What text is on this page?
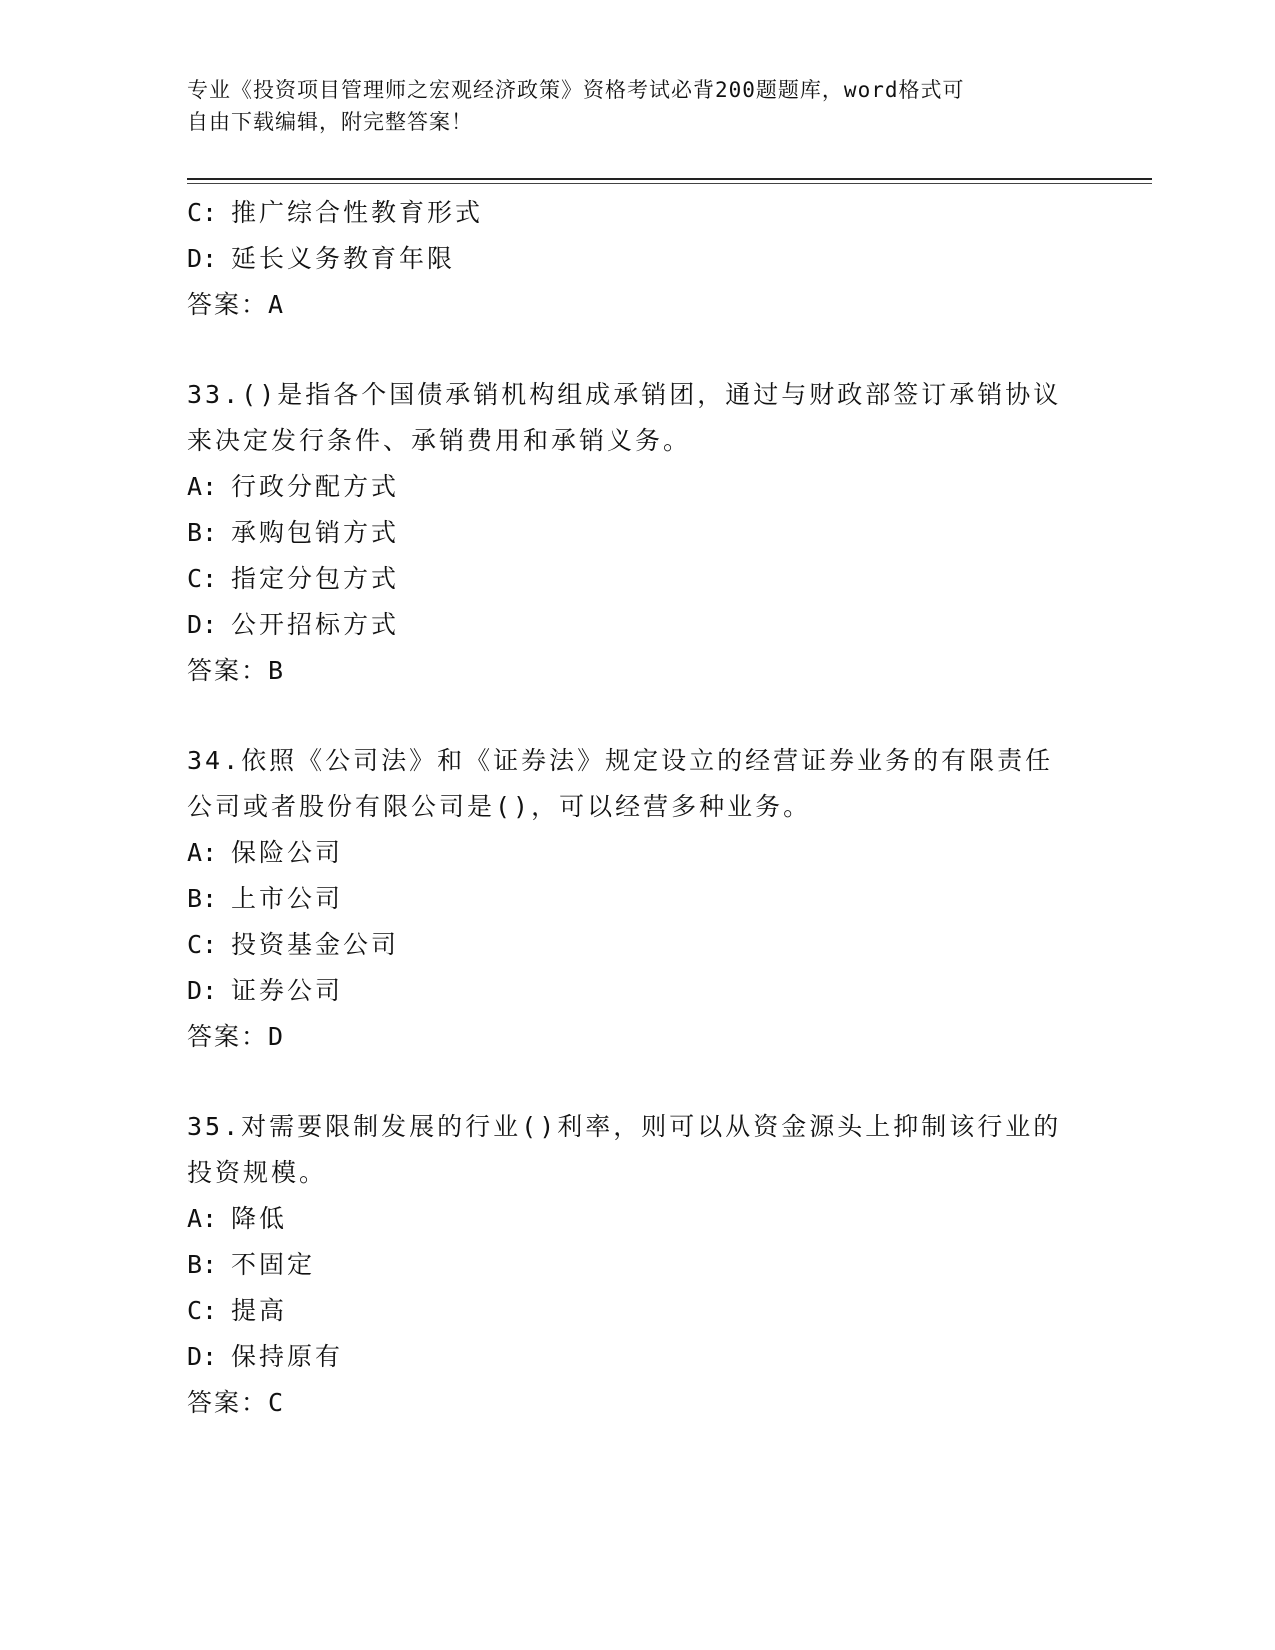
专业《投资项目管理师之宏观经济政策》资格考试必背200题题库，word格式可
自由下载编辑，附完整答案！
C: 推广综合性教育形式
D: 延长义务教育年限
答案：A
33.()是指各个国债承销机构组成承销团，通过与财政部签订承销协议
来决定发行条件、承销费用和承销义务。
A: 行政分配方式
B: 承购包销方式
C: 指定分包方式
D: 公开招标方式
答案：B
34.依照《公司法》和《证券法》规定设立的经营证券业务的有限责任
公司或者股份有限公司是()，可以经营多种业务。
A: 保险公司
B: 上市公司
C: 投资基金公司
D: 证券公司
答案：D
35.对需要限制发展的行业()利率，则可以从资金源头上抑制该行业的
投资规模。
A: 降低
B: 不固定
C: 提高
D: 保持原有
答案：C
